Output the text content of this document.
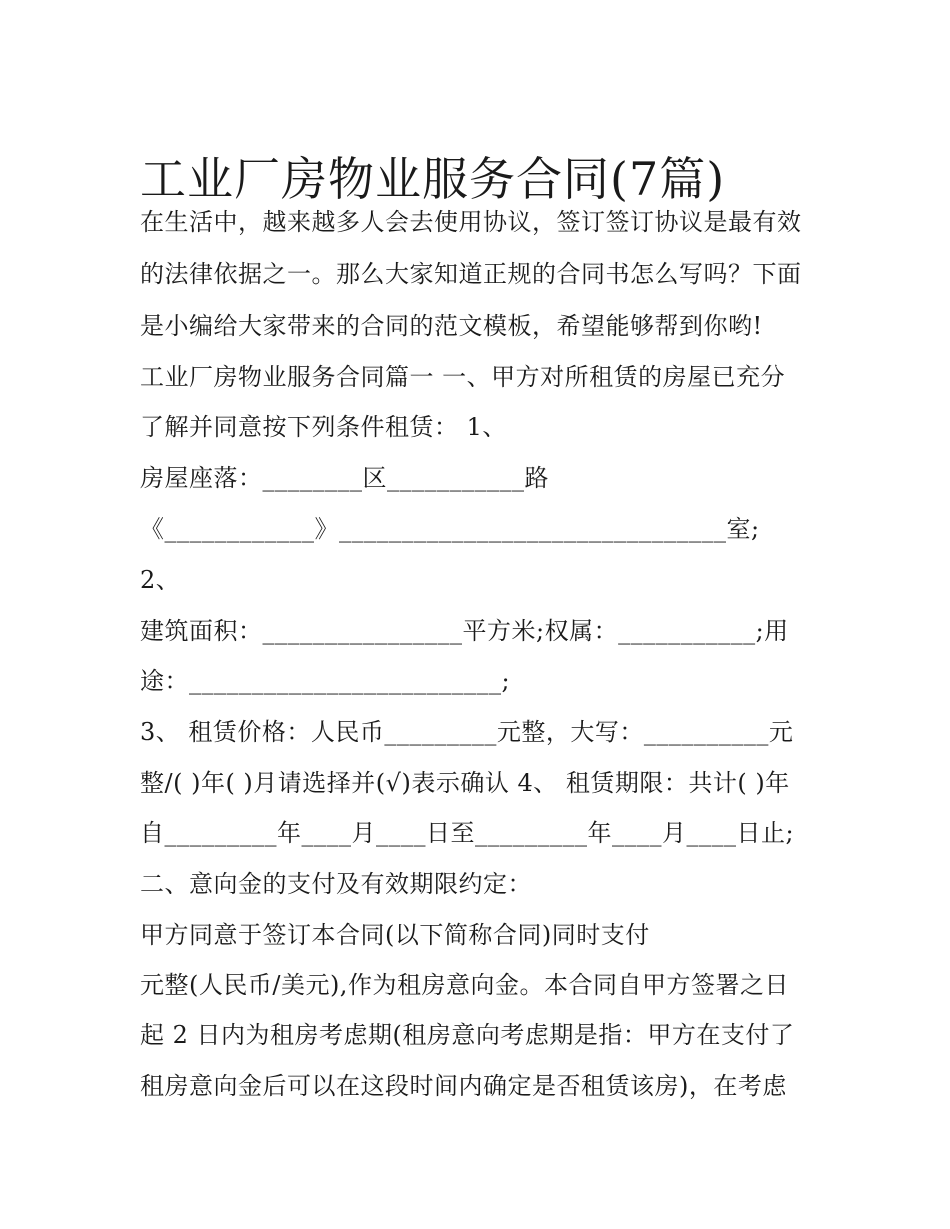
工业厂房物业服务合同(7篇)
在生活中，越来越多人会去使用协议，签订签订协议是最有效
的法律依据之一。那么大家知道正规的合同书怎么写吗？下面
是小编给大家带来的合同的范文模板，希望能够帮到你哟!
工业厂房物业服务合同篇一 一、甲方对所租赁的房屋已充分
了解并同意按下列条件租赁： 1、
房屋座落：________区___________路
《____________》_______________________________室;
2、
建筑面积：________________平方米;权属：___________;用
途：_________________________;
3、 租赁价格：人民币_________元整，大写：__________元
整/( )年( )月请选择并(√)表示确认 4、 租赁期限：共计( )年
自_________年____月____日至_________年____月____日止;
二、意向金的支付及有效期限约定：
甲方同意于签订本合同(以下简称合同)同时支付
元整(人民币/美元),作为租房意向金。本合同自甲方签署之日
起 2 日内为租房考虑期(租房意向考虑期是指：甲方在支付了
租房意向金后可以在这段时间内确定是否租赁该房)，在考虑
